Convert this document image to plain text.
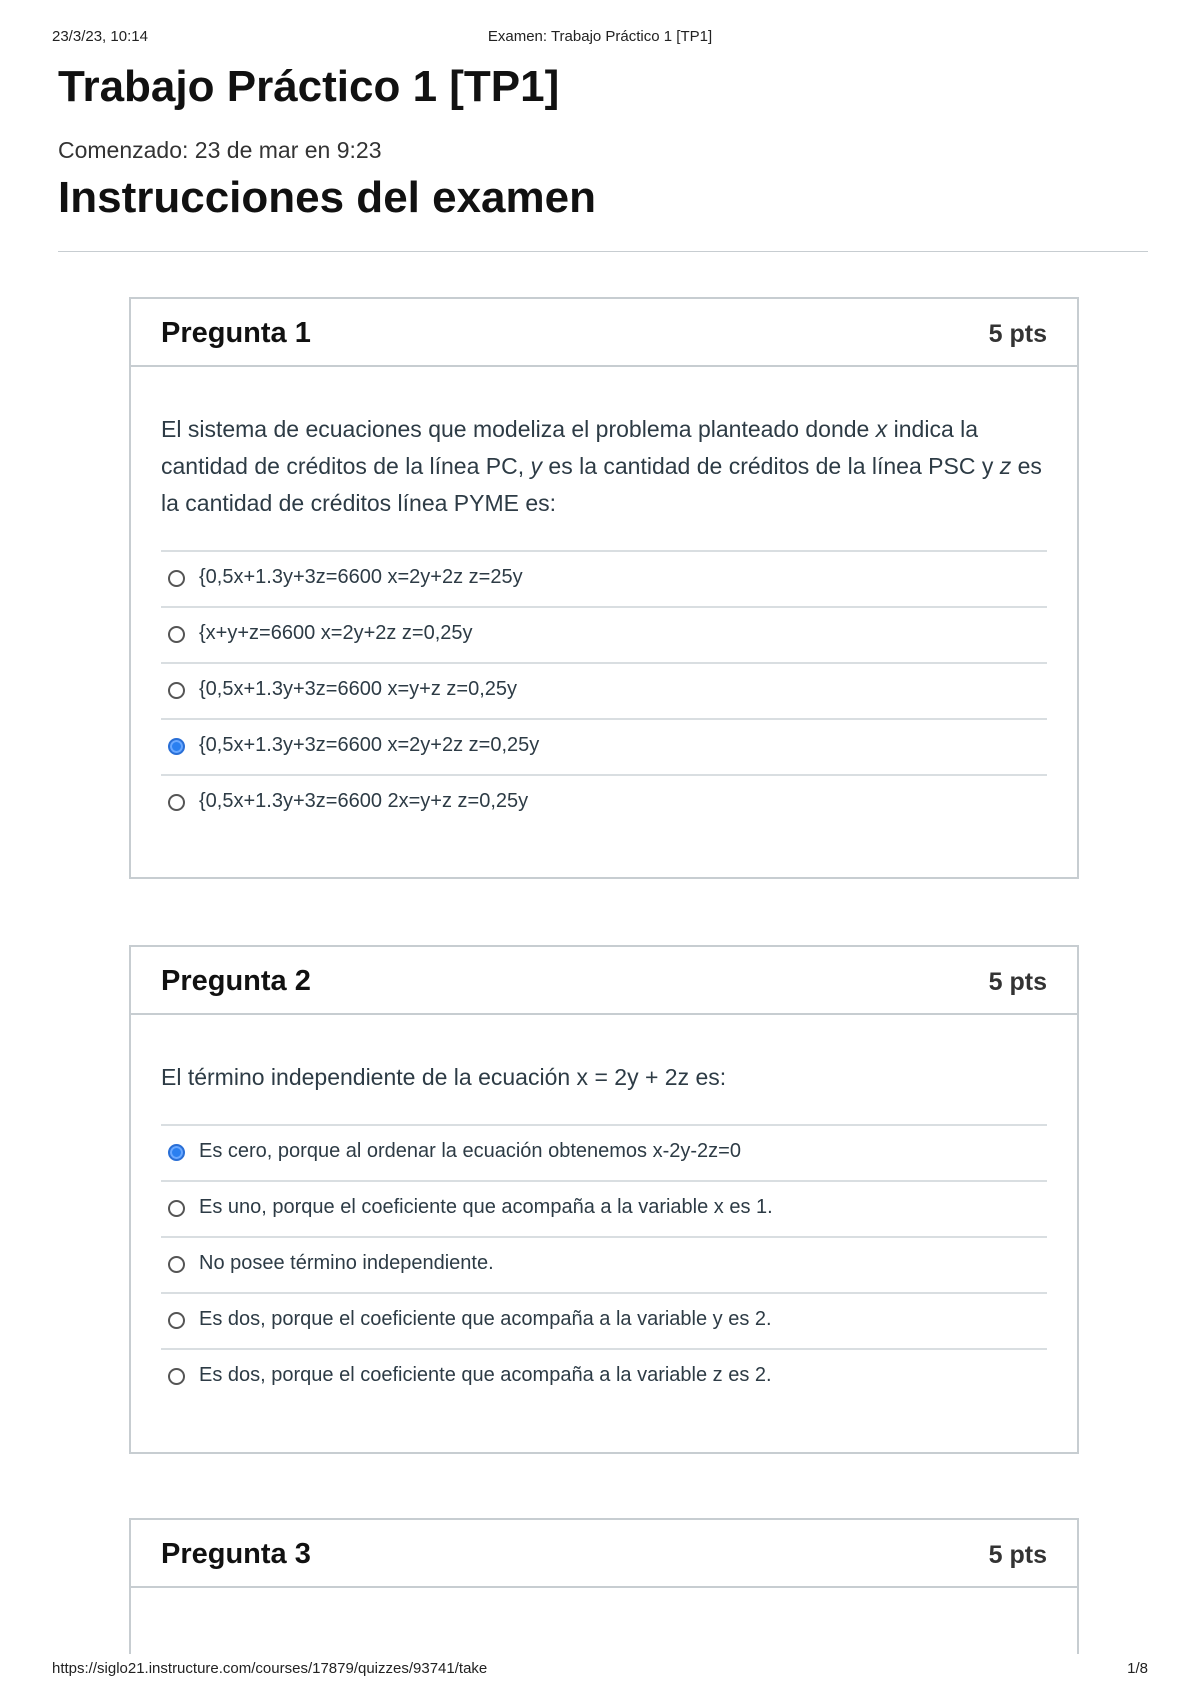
23/3/23, 10:14	Examen: Trabajo Práctico 1 [TP1]
Trabajo Práctico 1 [TP1]
Comenzado: 23 de mar en 9:23
Instrucciones del examen
Pregunta 1	5 pts

El sistema de ecuaciones que modeliza el problema planteado donde x indica la cantidad de créditos de la línea PC, y es la cantidad de créditos de la línea PSC y z es la cantidad de créditos línea PYME es:

{0,5x+1.3y+3z=6600 x=2y+2z z=25y
{x+y+z=6600 x=2y+2z z=0,25y
{0,5x+1.3y+3z=6600 x=y+z z=0,25y
{0,5x+1.3y+3z=6600 x=2y+2z z=0,25y
{0,5x+1.3y+3z=6600 2x=y+z z=0,25y
Pregunta 2	5 pts

El término independiente de la ecuación x = 2y + 2z es:

Es cero, porque al ordenar la ecuación obtenemos x-2y-2z=0
Es uno, porque el coeficiente que acompaña a la variable x es 1.
No posee término independiente.
Es dos, porque el coeficiente que acompaña a la variable y es 2.
Es dos, porque el coeficiente que acompaña a la variable z es 2.
Pregunta 3	5 pts
https://siglo21.instructure.com/courses/17879/quizzes/93741/take	1/8
